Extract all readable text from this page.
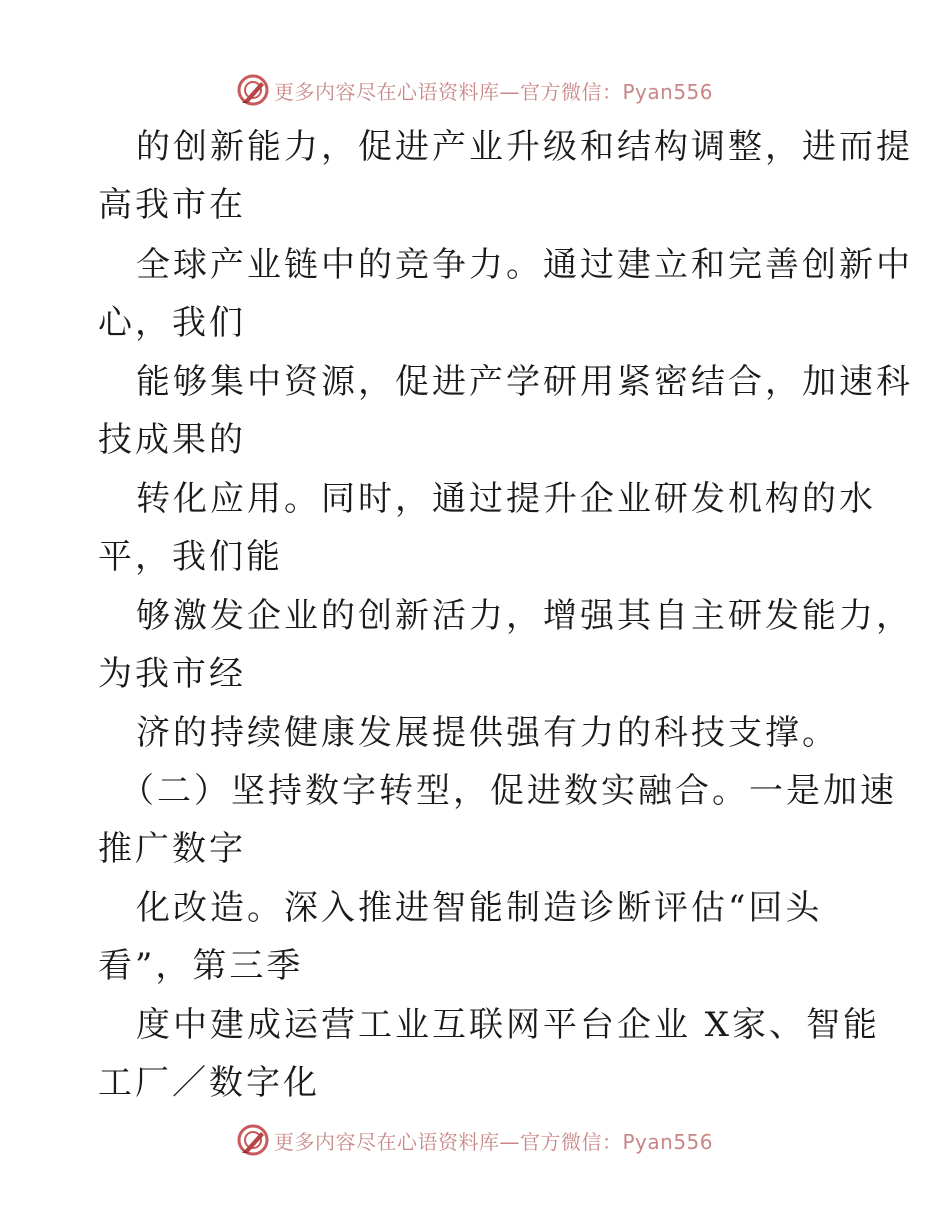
更多内容尽在心语资料库—官方微信：Pyan556
的创新能力，促进产业升级和结构调整，进而提
高我市在
全球产业链中的竞争力。通过建立和完善创新中
心，我们
能够集中资源，促进产学研用紧密结合，加速科
技成果的
转化应用。同时，通过提升企业研发机构的水
平，我们能
够激发企业的创新活力，增强其自主研发能力，
为我市经
济的持续健康发展提供强有力的科技支撑。
（二）坚持数字转型，促进数实融合。一是加速
推广数字
化改造。深入推进智能制造诊断评估“回头
看”，第三季
度中建成运营工业互联网平台企业 X家、智能
工厂／数字化
更多内容尽在心语资料库—官方微信：Pyan556
